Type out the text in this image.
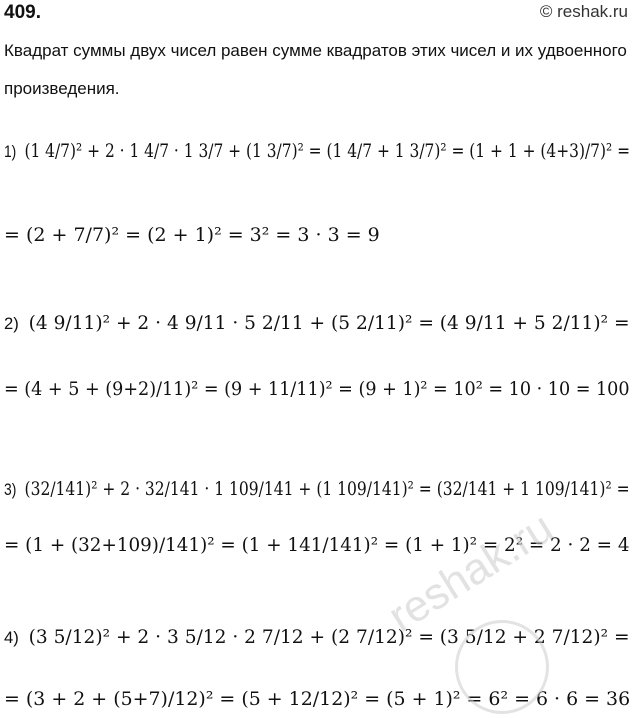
409.	© reshak.ru
Квадрат суммы двух чисел равен сумме квадратов этих чисел и их удвоенного произведения.
1) (1 4/7)² + 2 · 1 4/7 · 1 3/7 + (1 3/7)² = (1 4/7 + 1 3/7)² = (1 + 1 + (4+3)/7)² =
= (2 + 7/7)² = (2 + 1)² = 3² = 3 · 3 = 9
2) (4 9/11)² + 2 · 4 9/11 · 5 2/11 + (5 2/11)² = (4 9/11 + 5 2/11)² =
= (4 + 5 + (9+2)/11)² = (9 + 11/11)² = (9 + 1)² = 10² = 10 · 10 = 100
3) (32/141)² + 2 · 32/141 · 1 109/141 + (1 109/141)² = (32/141 + 1 109/141)² =
= (1 + (32+109)/141)² = (1 + 141/141)² = (1 + 1)² = 2² = 2 · 2 = 4
4) (3 5/12)² + 2 · 3 5/12 · 2 7/12 + (2 7/12)² = (3 5/12 + 2 7/12)² =
= (3 + 2 + (5+7)/12)² = (5 + 12/12)² = (5 + 1)² = 6² = 6 · 6 = 36
reshak.ru
